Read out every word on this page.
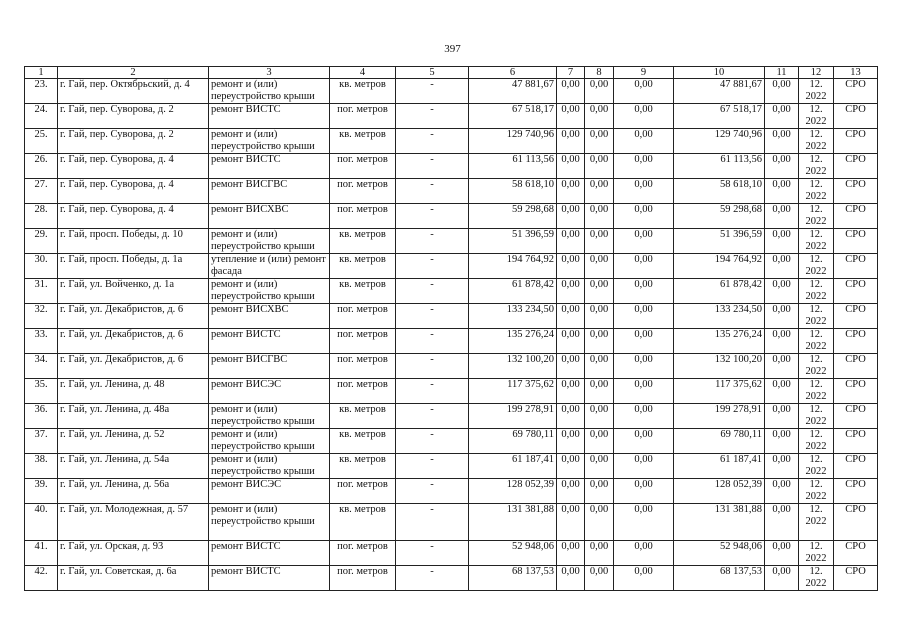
397
1	2	3	4	5	6	7	8	9	10	11	12	13
23.	г. Гай, пер. Октябрьский, д. 4	ремонт и (или) переустройство крыши	кв. метров	-	47 881,67	0,00	0,00	0,00	47 881,67	0,00	12. 2022	СРО
24.	г. Гай, пер. Суворова, д. 2	ремонт ВИСТС	пог. метров	-	67 518,17	0,00	0,00	0,00	67 518,17	0,00	12. 2022	СРО
25.	г. Гай, пер. Суворова, д. 2	ремонт и (или) переустройство крыши	кв. метров	-	129 740,96	0,00	0,00	0,00	129 740,96	0,00	12. 2022	СРО
26.	г. Гай, пер. Суворова, д. 4	ремонт ВИСТС	пог. метров	-	61 113,56	0,00	0,00	0,00	61 113,56	0,00	12. 2022	СРО
27.	г. Гай, пер. Суворова, д. 4	ремонт ВИСГВС	пог. метров	-	58 618,10	0,00	0,00	0,00	58 618,10	0,00	12. 2022	СРО
28.	г. Гай, пер. Суворова, д. 4	ремонт ВИСХВС	пог. метров	-	59 298,68	0,00	0,00	0,00	59 298,68	0,00	12. 2022	СРО
29.	г. Гай, просп. Победы, д. 10	ремонт и (или) переустройство крыши	кв. метров	-	51 396,59	0,00	0,00	0,00	51 396,59	0,00	12. 2022	СРО
30.	г. Гай, просп. Победы, д. 1а	утепление и (или) ремонт фасада	кв. метров	-	194 764,92	0,00	0,00	0,00	194 764,92	0,00	12. 2022	СРО
31.	г. Гай, ул. Войченко, д. 1а	ремонт и (или) переустройство крыши	кв. метров	-	61 878,42	0,00	0,00	0,00	61 878,42	0,00	12. 2022	СРО
32.	г. Гай, ул. Декабристов, д. 6	ремонт ВИСХВС	пог. метров	-	133 234,50	0,00	0,00	0,00	133 234,50	0,00	12. 2022	СРО
33.	г. Гай, ул. Декабристов, д. 6	ремонт ВИСТС	пог. метров	-	135 276,24	0,00	0,00	0,00	135 276,24	0,00	12. 2022	СРО
34.	г. Гай, ул. Декабристов, д. 6	ремонт ВИСГВС	пог. метров	-	132 100,20	0,00	0,00	0,00	132 100,20	0,00	12. 2022	СРО
35.	г. Гай, ул. Ленина, д. 48	ремонт ВИСЭС	пог. метров	-	117 375,62	0,00	0,00	0,00	117 375,62	0,00	12. 2022	СРО
36.	г. Гай, ул. Ленина, д. 48а	ремонт и (или) переустройство крыши	кв. метров	-	199 278,91	0,00	0,00	0,00	199 278,91	0,00	12. 2022	СРО
37.	г. Гай, ул. Ленина, д. 52	ремонт и (или) переустройство крыши	кв. метров	-	69 780,11	0,00	0,00	0,00	69 780,11	0,00	12. 2022	СРО
38.	г. Гай, ул. Ленина, д. 54а	ремонт и (или) переустройство крыши	кв. метров	-	61 187,41	0,00	0,00	0,00	61 187,41	0,00	12. 2022	СРО
39.	г. Гай, ул. Ленина, д. 56а	ремонт ВИСЭС	пог. метров	-	128 052,39	0,00	0,00	0,00	128 052,39	0,00	12. 2022	СРО
40.	г. Гай, ул. Молодежная, д. 57	ремонт и (или) переустройство крыши	кв. метров	-	131 381,88	0,00	0,00	0,00	131 381,88	0,00	12. 2022	СРО
41.	г. Гай, ул. Орская, д. 93	ремонт ВИСТС	пог. метров	-	52 948,06	0,00	0,00	0,00	52 948,06	0,00	12. 2022	СРО
42.	г. Гай, ул. Советская, д. 6а	ремонт ВИСТС	пог. метров	-	68 137,53	0,00	0,00	0,00	68 137,53	0,00	12. 2022	СРО
